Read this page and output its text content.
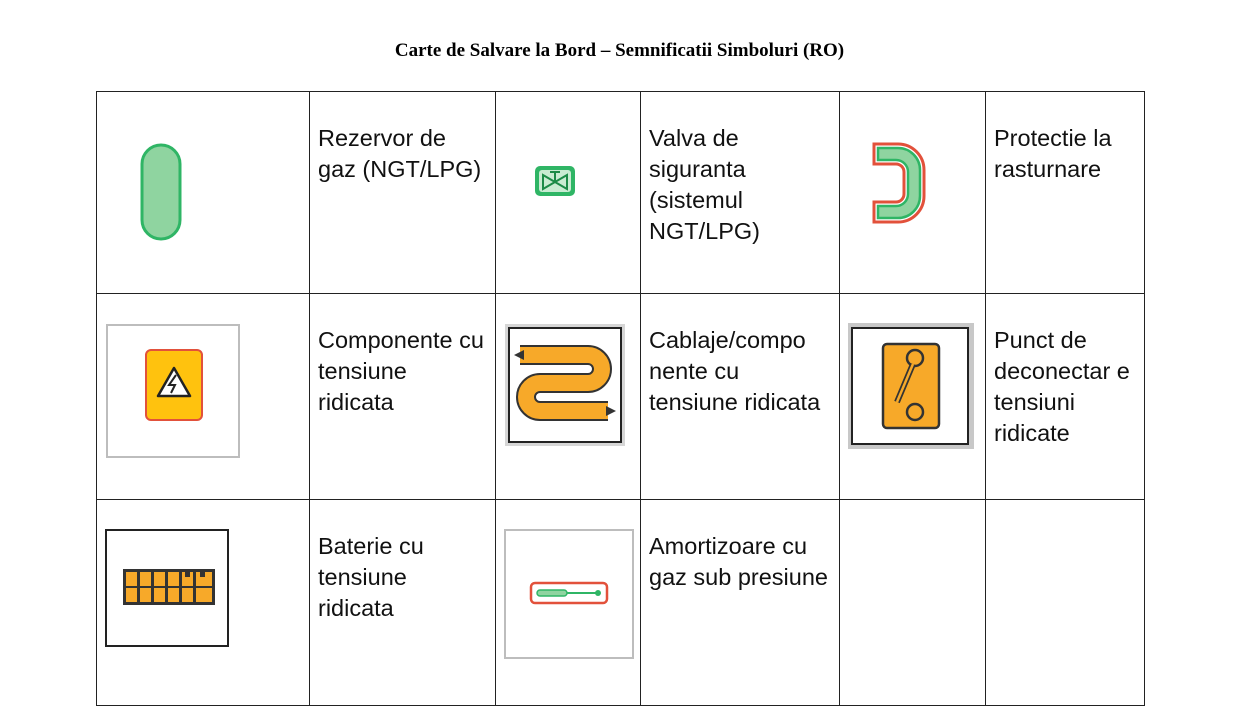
Carte de Salvare la Bord – Semnificatii Simboluri (RO)

Rezervor de gaz (NGT/LPG)		Valva de siguranta (sistemul NGT/LPG)		Protectie la rasturnare

Componente cu tensiune ridicata		Cablaje/compo nente cu tensiune ridicata		Punct de deconectar e tensiuni ridicate

Baterie cu tensiune ridicata		Amortizoare cu gaz sub presiune		
